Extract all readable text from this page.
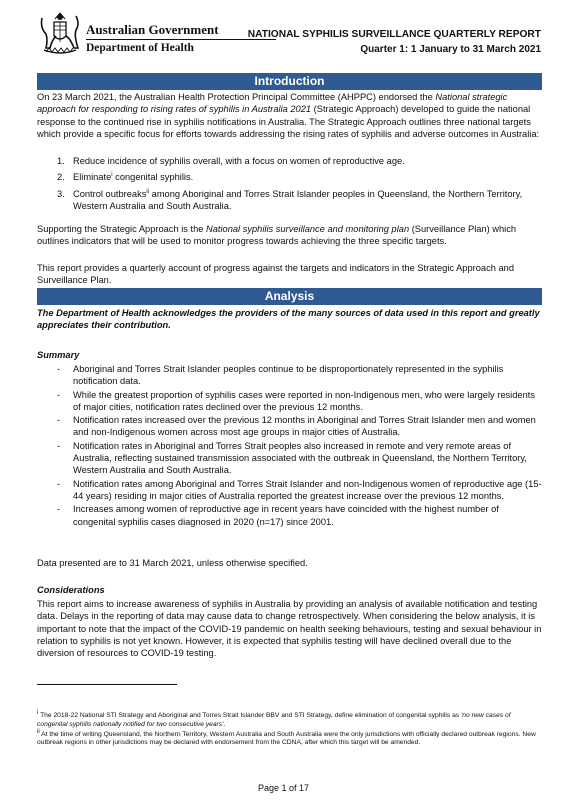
Australian Government
Department of Health
NATIONAL SYPHILIS SURVEILLANCE QUARTERLY REPORT
Quarter 1: 1 January to 31 March 2021
Introduction

On 23 March 2021, the Australian Health Protection Principal Committee (AHPPC) endorsed the National strategic approach for responding to rising rates of syphilis in Australia 2021 (Strategic Approach) developed to guide the national response to the continued rise in syphilis notifications in Australia. The Strategic Approach outlines three national targets which provide a specific focus for efforts towards addressing the rising rates of syphilis and adverse outcomes in Australia:

1. Reduce incidence of syphilis overall, with a focus on women of reproductive age.
2. Eliminate$^i$ congenital syphilis.
3. Control outbreaks$^{ii}$ among Aboriginal and Torres Strait Islander peoples in Queensland, the Northern Territory, Western Australia and South Australia.

Supporting the Strategic Approach is the National syphilis surveillance and monitoring plan (Surveillance Plan) which outlines indicators that will be used to monitor progress towards achieving the three specific targets.

This report provides a quarterly account of progress against the targets and indicators in the Strategic Approach and Surveillance Plan.
Analysis
The Department of Health acknowledges the providers of the many sources of data used in this report and greatly appreciates their contribution.
Summary
- Aboriginal and Torres Strait Islander peoples continue to be disproportionately represented in the syphilis notification data.
- While the greatest proportion of syphilis cases were reported in non-Indigenous men, who were largely residents of major cities, notification rates declined over the previous 12 months.
- Notification rates increased over the previous 12 months in Aboriginal and Torres Strait Islander men and women and non-Indigenous women across most age groups in major cities of Australia.
- Notification rates in Aboriginal and Torres Strait peoples also increased in remote and very remote areas of Australia, reflecting sustained transmission associated with the outbreak in Queensland, the Northern Territory, Western Australia and South Australia.
- Notification rates among Aboriginal and Torres Strait Islander and non-Indigenous women of reproductive age (15-44 years) residing in major cities of Australia reported the greatest increase over the previous 12 months.
- Increases among women of reproductive age in recent years have coincided with the highest number of congenital syphilis cases diagnosed in 2020 (n=17) since 2001.
Data presented are to 31 March 2021, unless otherwise specified.
Considerations
This report aims to increase awareness of syphilis in Australia by providing an analysis of available notification and testing data. Delays in the reporting of data may cause data to change retrospectively. When considering the below analysis, it is important to note that the impact of the COVID-19 pandemic on health seeking behaviours, testing and sexual behaviour in relation to syphilis is not yet known. However, it is expected that syphilis testing will have declined overall due to the diversion of resources to COVID-19 testing.
$^i$ The 2018-22 National STI Strategy and Aboriginal and Torres Strait Islander BBV and STI Strategy, define elimination of congenital syphilis as 'no new cases of congenital syphilis nationally notified for two consecutive years'.
$^{ii}$ At the time of writing Queensland, the Northern Territory, Western Australia and South Australia were the only jurisdictions with officially declared outbreak regions. New outbreak regions in other jurisdictions may be declared with endorsement from the CDNA, after which this target will be amended.
Page 1 of 17
